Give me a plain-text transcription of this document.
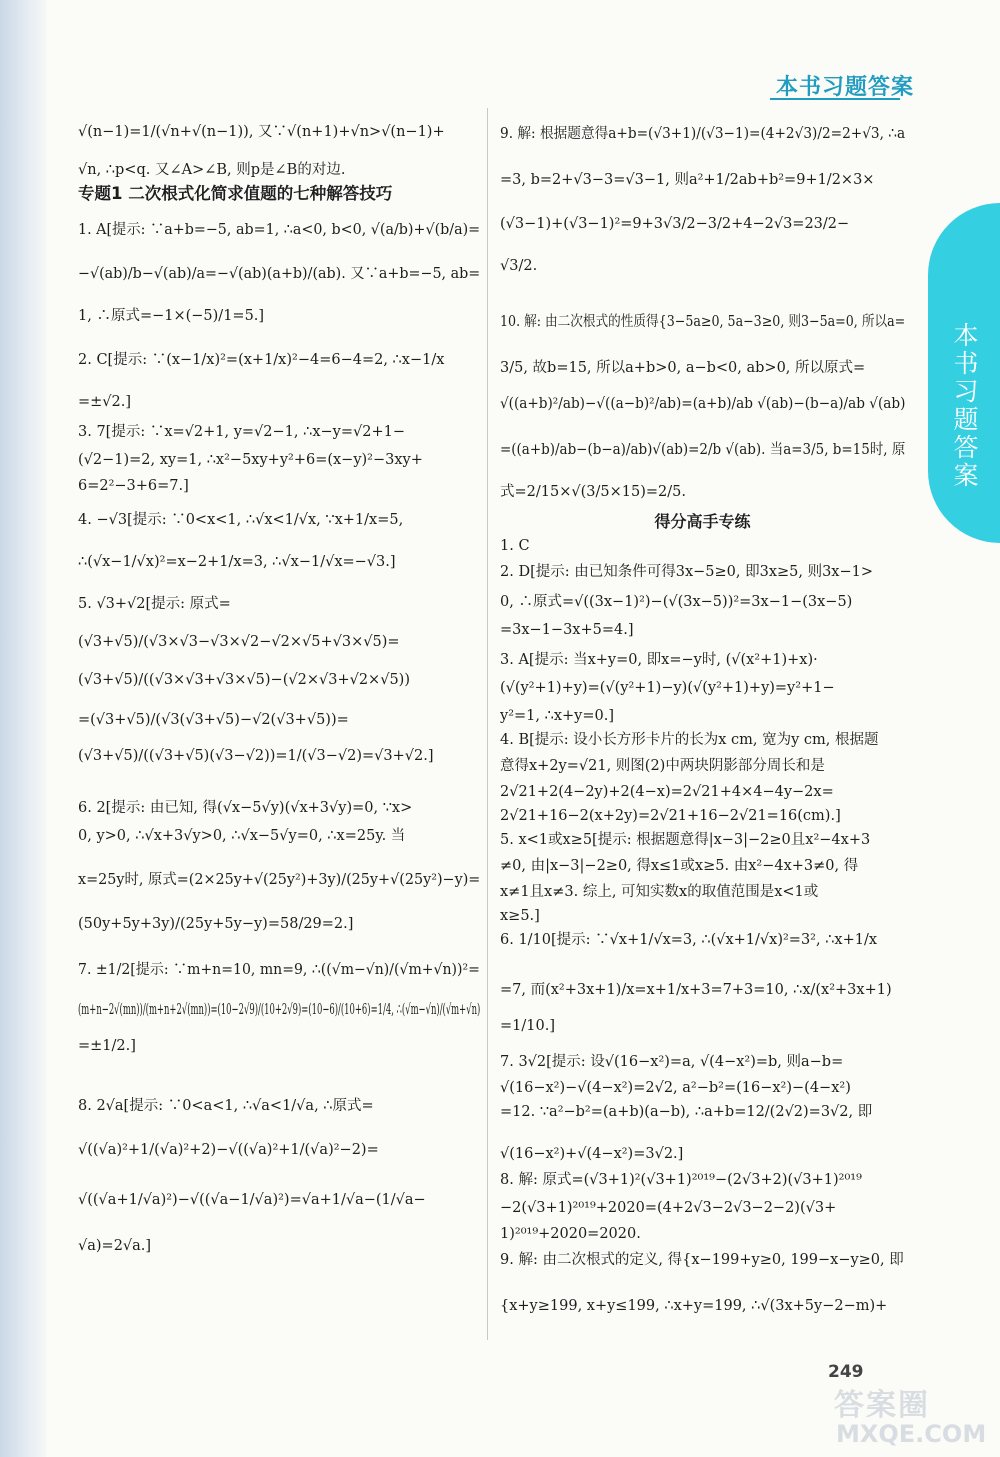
本书习题答案
本书习题答案
√(n−1)=1/(√n+√(n−1)), 又∵√(n+1)+√n>√(n−1)+
√n, ∴p<q. 又∠A>∠B, 则p是∠B的对边.
专题1 二次根式化简求值题的七种解答技巧
1. A[提示: ∵a+b=−5, ab=1, ∴a<0, b<0, √(a/b)+√(b/a)=
−√(ab)/b−√(ab)/a=−√(ab)(a+b)/(ab). 又∵a+b=−5, ab=
1, ∴原式=−1×(−5)/1=5.]
2. C[提示: ∵(x−1/x)²=(x+1/x)²−4=6−4=2, ∴x−1/x
=±√2.]
3. 7[提示: ∵x=√2+1, y=√2−1, ∴x−y=√2+1−
(√2−1)=2, xy=1, ∴x²−5xy+y²+6=(x−y)²−3xy+
6=2²−3+6=7.]
4. −√3[提示: ∵0<x<1, ∴√x<1/√x, ∵x+1/x=5,
∴(√x−1/√x)²=x−2+1/x=3, ∴√x−1/√x=−√3.]
5. √3+√2[提示: 原式=
(√3+√5)/(√3×√3−√3×√2−√2×√5+√3×√5)=
(√3+√5)/((√3×√3+√3×√5)−(√2×√3+√2×√5))
=(√3+√5)/(√3(√3+√5)−√2(√3+√5))=
(√3+√5)/((√3+√5)(√3−√2))=1/(√3−√2)=√3+√2.]
6. 2[提示: 由已知, 得(√x−5√y)(√x+3√y)=0, ∵x>
0, y>0, ∴√x+3√y>0, ∴√x−5√y=0, ∴x=25y. 当
x=25y时, 原式=(2×25y+√(25y²)+3y)/(25y+√(25y²)−y)=
(50y+5y+3y)/(25y+5y−y)=58/29=2.]
7. ±1/2[提示: ∵m+n=10, mn=9, ∴((√m−√n)/(√m+√n))²=
(m+n−2√(mn))/(m+n+2√(mn))=(10−2√9)/(10+2√9)=(10−6)/(10+6)=1/4, ∴(√m−√n)/(√m+√n)
=±1/2.]
8. 2√a[提示: ∵0<a<1, ∴√a<1/√a, ∴原式=
√((√a)²+1/(√a)²+2)−√((√a)²+1/(√a)²−2)=
√((√a+1/√a)²)−√((√a−1/√a)²)=√a+1/√a−(1/√a−
√a)=2√a.]
9. 解: 根据题意得a+b=(√3+1)/(√3−1)=(4+2√3)/2=2+√3, ∴a
=3, b=2+√3−3=√3−1, 则a²+1/2ab+b²=9+1/2×3×
(√3−1)+(√3−1)²=9+3√3/2−3/2+4−2√3=23/2−
√3/2.
10. 解: 由二次根式的性质得{3−5a≥0, 5a−3≥0, 则3−5a=0, 所以a=
3/5, 故b=15, 所以a+b>0, a−b<0, ab>0, 所以原式=
√((a+b)²/ab)−√((a−b)²/ab)=(a+b)/ab √(ab)−(b−a)/ab √(ab)
=((a+b)/ab−(b−a)/ab)√(ab)=2/b √(ab). 当a=3/5, b=15时, 原
式=2/15×√(3/5×15)=2/5.
得分高手专练
1. C
2. D[提示: 由已知条件可得3x−5≥0, 即3x≥5, 则3x−1>
0, ∴原式=√((3x−1)²)−(√(3x−5))²=3x−1−(3x−5)
=3x−1−3x+5=4.]
3. A[提示: 当x+y=0, 即x=−y时, (√(x²+1)+x)·
(√(y²+1)+y)=(√(y²+1)−y)(√(y²+1)+y)=y²+1−
y²=1, ∴x+y=0.]
4. B[提示: 设小长方形卡片的长为x cm, 宽为y cm, 根据题
意得x+2y=√21, 则图(2)中两块阴影部分周长和是
2√21+2(4−2y)+2(4−x)=2√21+4×4−4y−2x=
2√21+16−2(x+2y)=2√21+16−2√21=16(cm).]
5. x<1或x≥5[提示: 根据题意得|x−3|−2≥0且x²−4x+3
≠0, 由|x−3|−2≥0, 得x≤1或x≥5. 由x²−4x+3≠0, 得
x≠1且x≠3. 综上, 可知实数x的取值范围是x<1或
x≥5.]
6. 1/10[提示: ∵√x+1/√x=3, ∴(√x+1/√x)²=3², ∴x+1/x
=7, 而(x²+3x+1)/x=x+1/x+3=7+3=10, ∴x/(x²+3x+1)
=1/10.]
7. 3√2[提示: 设√(16−x²)=a, √(4−x²)=b, 则a−b=
√(16−x²)−√(4−x²)=2√2, a²−b²=(16−x²)−(4−x²)
=12. ∵a²−b²=(a+b)(a−b), ∴a+b=12/(2√2)=3√2, 即
√(16−x²)+√(4−x²)=3√2.]
8. 解: 原式=(√3+1)²(√3+1)²⁰¹⁹−(2√3+2)(√3+1)²⁰¹⁹
−2(√3+1)²⁰¹⁹+2020=(4+2√3−2√3−2−2)(√3+
1)²⁰¹⁹+2020=2020.
9. 解: 由二次根式的定义, 得{x−199+y≥0, 199−x−y≥0, 即
{x+y≥199, x+y≤199, ∴x+y=199, ∴√(3x+5y−2−m)+
249
答案圈
MXQE.COM
